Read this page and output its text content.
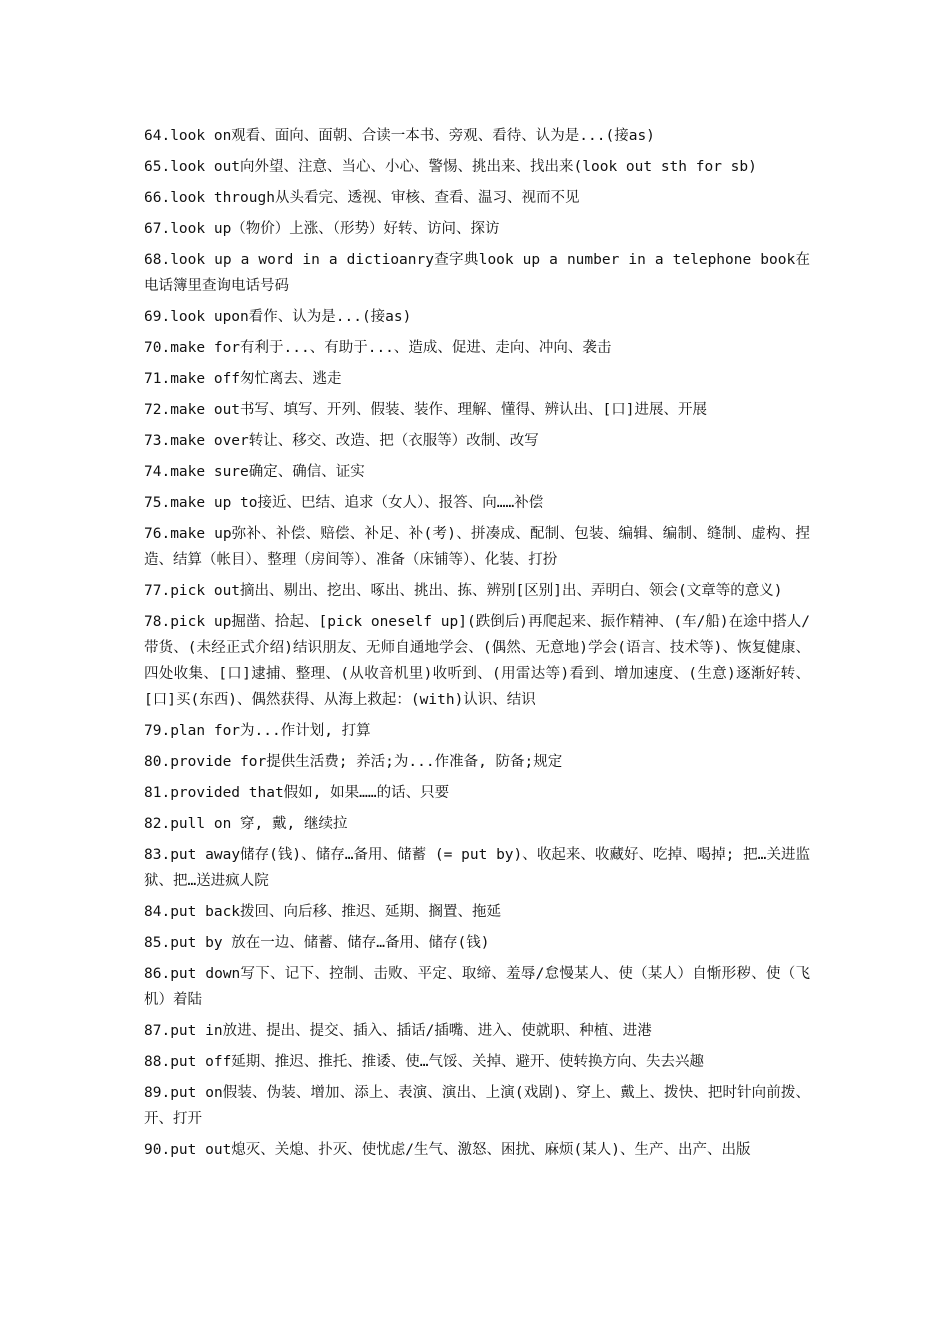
64.look on观看、面向、面朝、合读一本书、旁观、看待、认为是...(接as)

65.look out向外望、注意、当心、小心、警惕、挑出来、找出来(look out sth for sb)

66.look through从头看完、透视、审核、查看、温习、视而不见

67.look up（物价）上涨、（形势）好转、访问、探访

68.look up a word in a dictioanry查字典look up a number in a telephone book在电话簿里查询电话号码

69.look upon看作、认为是...(接as)

70.make for有利于...、有助于...、造成、促进、走向、冲向、袭击

71.make off匆忙离去、逃走

72.make out书写、填写、开列、假装、装作、理解、懂得、辨认出、[口]进展、开展

73.make over转让、移交、改造、把（衣服等）改制、改写

74.make sure确定、确信、证实

75.make up to接近、巴结、追求（女人）、报答、向……补偿

76.make up弥补、补偿、赔偿、补足、补(考)、拼凑成、配制、包装、编辑、编制、缝制、虚构、捏造、结算（帐目）、整理（房间等）、准备（床铺等）、化装、打扮

77.pick out摘出、剔出、挖出、啄出、挑出、拣、辨别[区别]出、弄明白、领会(文章等的意义)

78.pick up掘凿、拾起、[pick oneself up](跌倒后)再爬起来、振作精神、(车/船)在途中搭人/带货、(未经正式介绍)结识朋友、无师自通地学会、(偶然、无意地)学会(语言、技术等)、恢复健康、四处收集、[口]逮捕、整理、(从收音机里)收听到、(用雷达等)看到、增加速度、(生意)逐渐好转、[口]买(东西)、偶然获得、从海上救起：(with)认识、结识

79.plan for为...作计划, 打算

80.provide for提供生活费; 养活;为...作准备, 防备;规定

81.provided that假如, 如果……的话、只要

82.pull on 穿, 戴, 继续拉

83.put away储存(钱)、储存…备用、储蓄 (= put by)、收起来、收藏好、吃掉、喝掉; 把…关进监狱、把…送进疯人院

84.put back拨回、向后移、推迟、延期、搁置、拖延

85.put by 放在一边、储蓄、储存…备用、储存(钱)

86.put down写下、记下、控制、击败、平定、取缔、羞辱/怠慢某人、使（某人）自惭形秽、使（飞机）着陆

87.put in放进、提出、提交、插入、插话/插嘴、进入、使就职、种植、进港

88.put off延期、推迟、推托、推诿、使…气馁、关掉、避开、使转换方向、失去兴趣

89.put on假装、伪装、增加、添上、表演、演出、上演(戏剧)、穿上、戴上、拨快、把时针向前拨、开、打开

90.put out熄灭、关熄、扑灭、使忧虑/生气、激怒、困扰、麻烦(某人)、生产、出产、出版
